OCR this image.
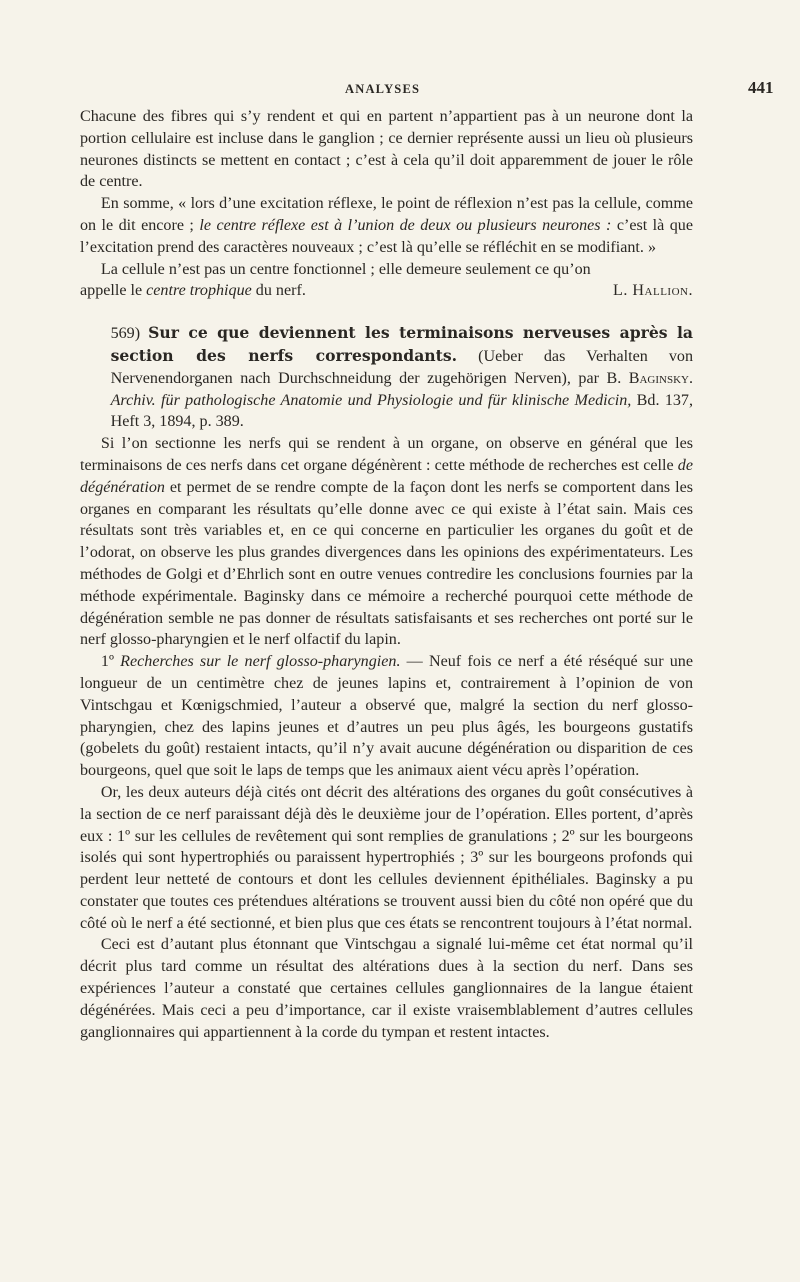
ANALYSES	441

Chacune des fibres qui s’y rendent et qui en partent n’appartient pas à un neurone dont la portion cellulaire est incluse dans le ganglion ; ce dernier représente aussi un lieu où plusieurs neurones distincts se mettent en contact ; c’est à cela qu’il doit apparemment de jouer le rôle de centre.

En somme, « lors d’une excitation réflexe, le point de réflexion n’est pas la cellule, comme on le dit encore ; le centre réflexe est à l’union de deux ou plusieurs neurones : c’est là que l’excitation prend des caractères nouveaux ; c’est là qu’elle se réfléchit en se modifiant. »

La cellule n’est pas un centre fonctionnel ; elle demeure seulement ce qu’on

appelle le centre trophique du nerf.	L. Hallion.

569) Sur ce que deviennent les terminaisons nerveuses après la section des nerfs correspondants. (Ueber das Verhalten von Nervenendorganen nach Durchschneidung der zugehörigen Nerven), par B. Baginsky. Archiv. für pathologische Anatomie und Physiologie und für klinische Medicin, Bd. 137, Heft 3, 1894, p. 389.

Si l’on sectionne les nerfs qui se rendent à un organe, on observe en général que les terminaisons de ces nerfs dans cet organe dégénèrent : cette méthode de recherches est celle de dégénération et permet de se rendre compte de la façon dont les nerfs se comportent dans les organes en comparant les résultats qu’elle donne avec ce qui existe à l’état sain. Mais ces résultats sont très variables et, en ce qui concerne en particulier les organes du goût et de l’odorat, on observe les plus grandes divergences dans les opinions des expérimentateurs. Les méthodes de Golgi et d’Ehrlich sont en outre venues contredire les conclusions fournies par la méthode expérimentale. Baginsky dans ce mémoire a recherché pourquoi cette méthode de dégénération semble ne pas donner de résultats satisfaisants et ses recherches ont porté sur le nerf glosso-pharyngien et le nerf olfactif du lapin.

1º Recherches sur le nerf glosso-pharyngien. — Neuf fois ce nerf a été réséqué sur une longueur de un centimètre chez de jeunes lapins et, contrairement à l’opinion de von Vintschgau et Kœnigschmied, l’auteur a observé que, malgré la section du nerf glosso-pharyngien, chez des lapins jeunes et d’autres un peu plus âgés, les bourgeons gustatifs (gobelets du goût) restaient intacts, qu’il n’y avait aucune dégénération ou disparition de ces bourgeons, quel que soit le laps de temps que les animaux aient vécu après l’opération.

Or, les deux auteurs déjà cités ont décrit des altérations des organes du goût consécutives à la section de ce nerf paraissant déjà dès le deuxième jour de l’opération. Elles portent, d’après eux : 1º sur les cellules de revêtement qui sont remplies de granulations ; 2º sur les bourgeons isolés qui sont hypertrophiés ou paraissent hypertrophiés ; 3º sur les bourgeons profonds qui perdent leur netteté de contours et dont les cellules deviennent épithéliales. Baginsky a pu constater que toutes ces prétendues altérations se trouvent aussi bien du côté non opéré que du côté où le nerf a été sectionné, et bien plus que ces états se rencontrent toujours à l’état normal.

Ceci est d’autant plus étonnant que Vintschgau a signalé lui-même cet état normal qu’il décrit plus tard comme un résultat des altérations dues à la section du nerf. Dans ses expériences l’auteur a constaté que certaines cellules ganglionnaires de la langue étaient dégénérées. Mais ceci a peu d’importance, car il existe vraisemblablement d’autres cellules ganglionnaires qui appartiennent à la corde du tympan et restent intactes.
